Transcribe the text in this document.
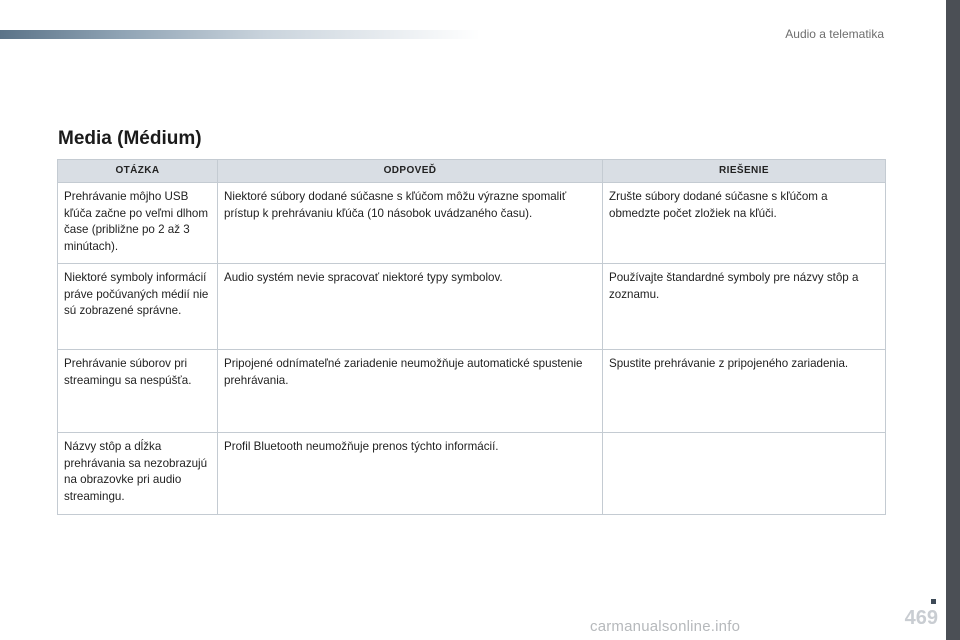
Audio a telematika
Media (Médium)
OTÁZKA	ODPOVEĎ	RIEŠENIE
Prehrávanie môjho USB kľúča začne po veľmi dlhom čase (približne po 2 až 3 minútach).	Niektoré súbory dodané súčasne s kľúčom môžu výrazne spomaliť prístup k prehrávaniu kľúča (10 násobok uvádzaného času).	Zrušte súbory dodané súčasne s kľúčom a obmedzte počet zložiek na kľúči.
Niektoré symboly informácií práve počúvaných médií nie sú zobrazené správne.	Audio systém nevie spracovať niektoré typy symbolov.	Používajte štandardné symboly pre názvy stôp a zoznamu.
Prehrávanie súborov pri streamingu sa nespúšťa.	Pripojené odnímateľné zariadenie neumožňuje automatické spustenie prehrávania.	Spustite prehrávanie z pripojeného zariadenia.
Názvy stôp a dĺžka prehrávania sa nezobrazujú na obrazovke pri audio streamingu.	Profil Bluetooth neumožňuje prenos týchto informácií.	
469
carmanualsonline.info
